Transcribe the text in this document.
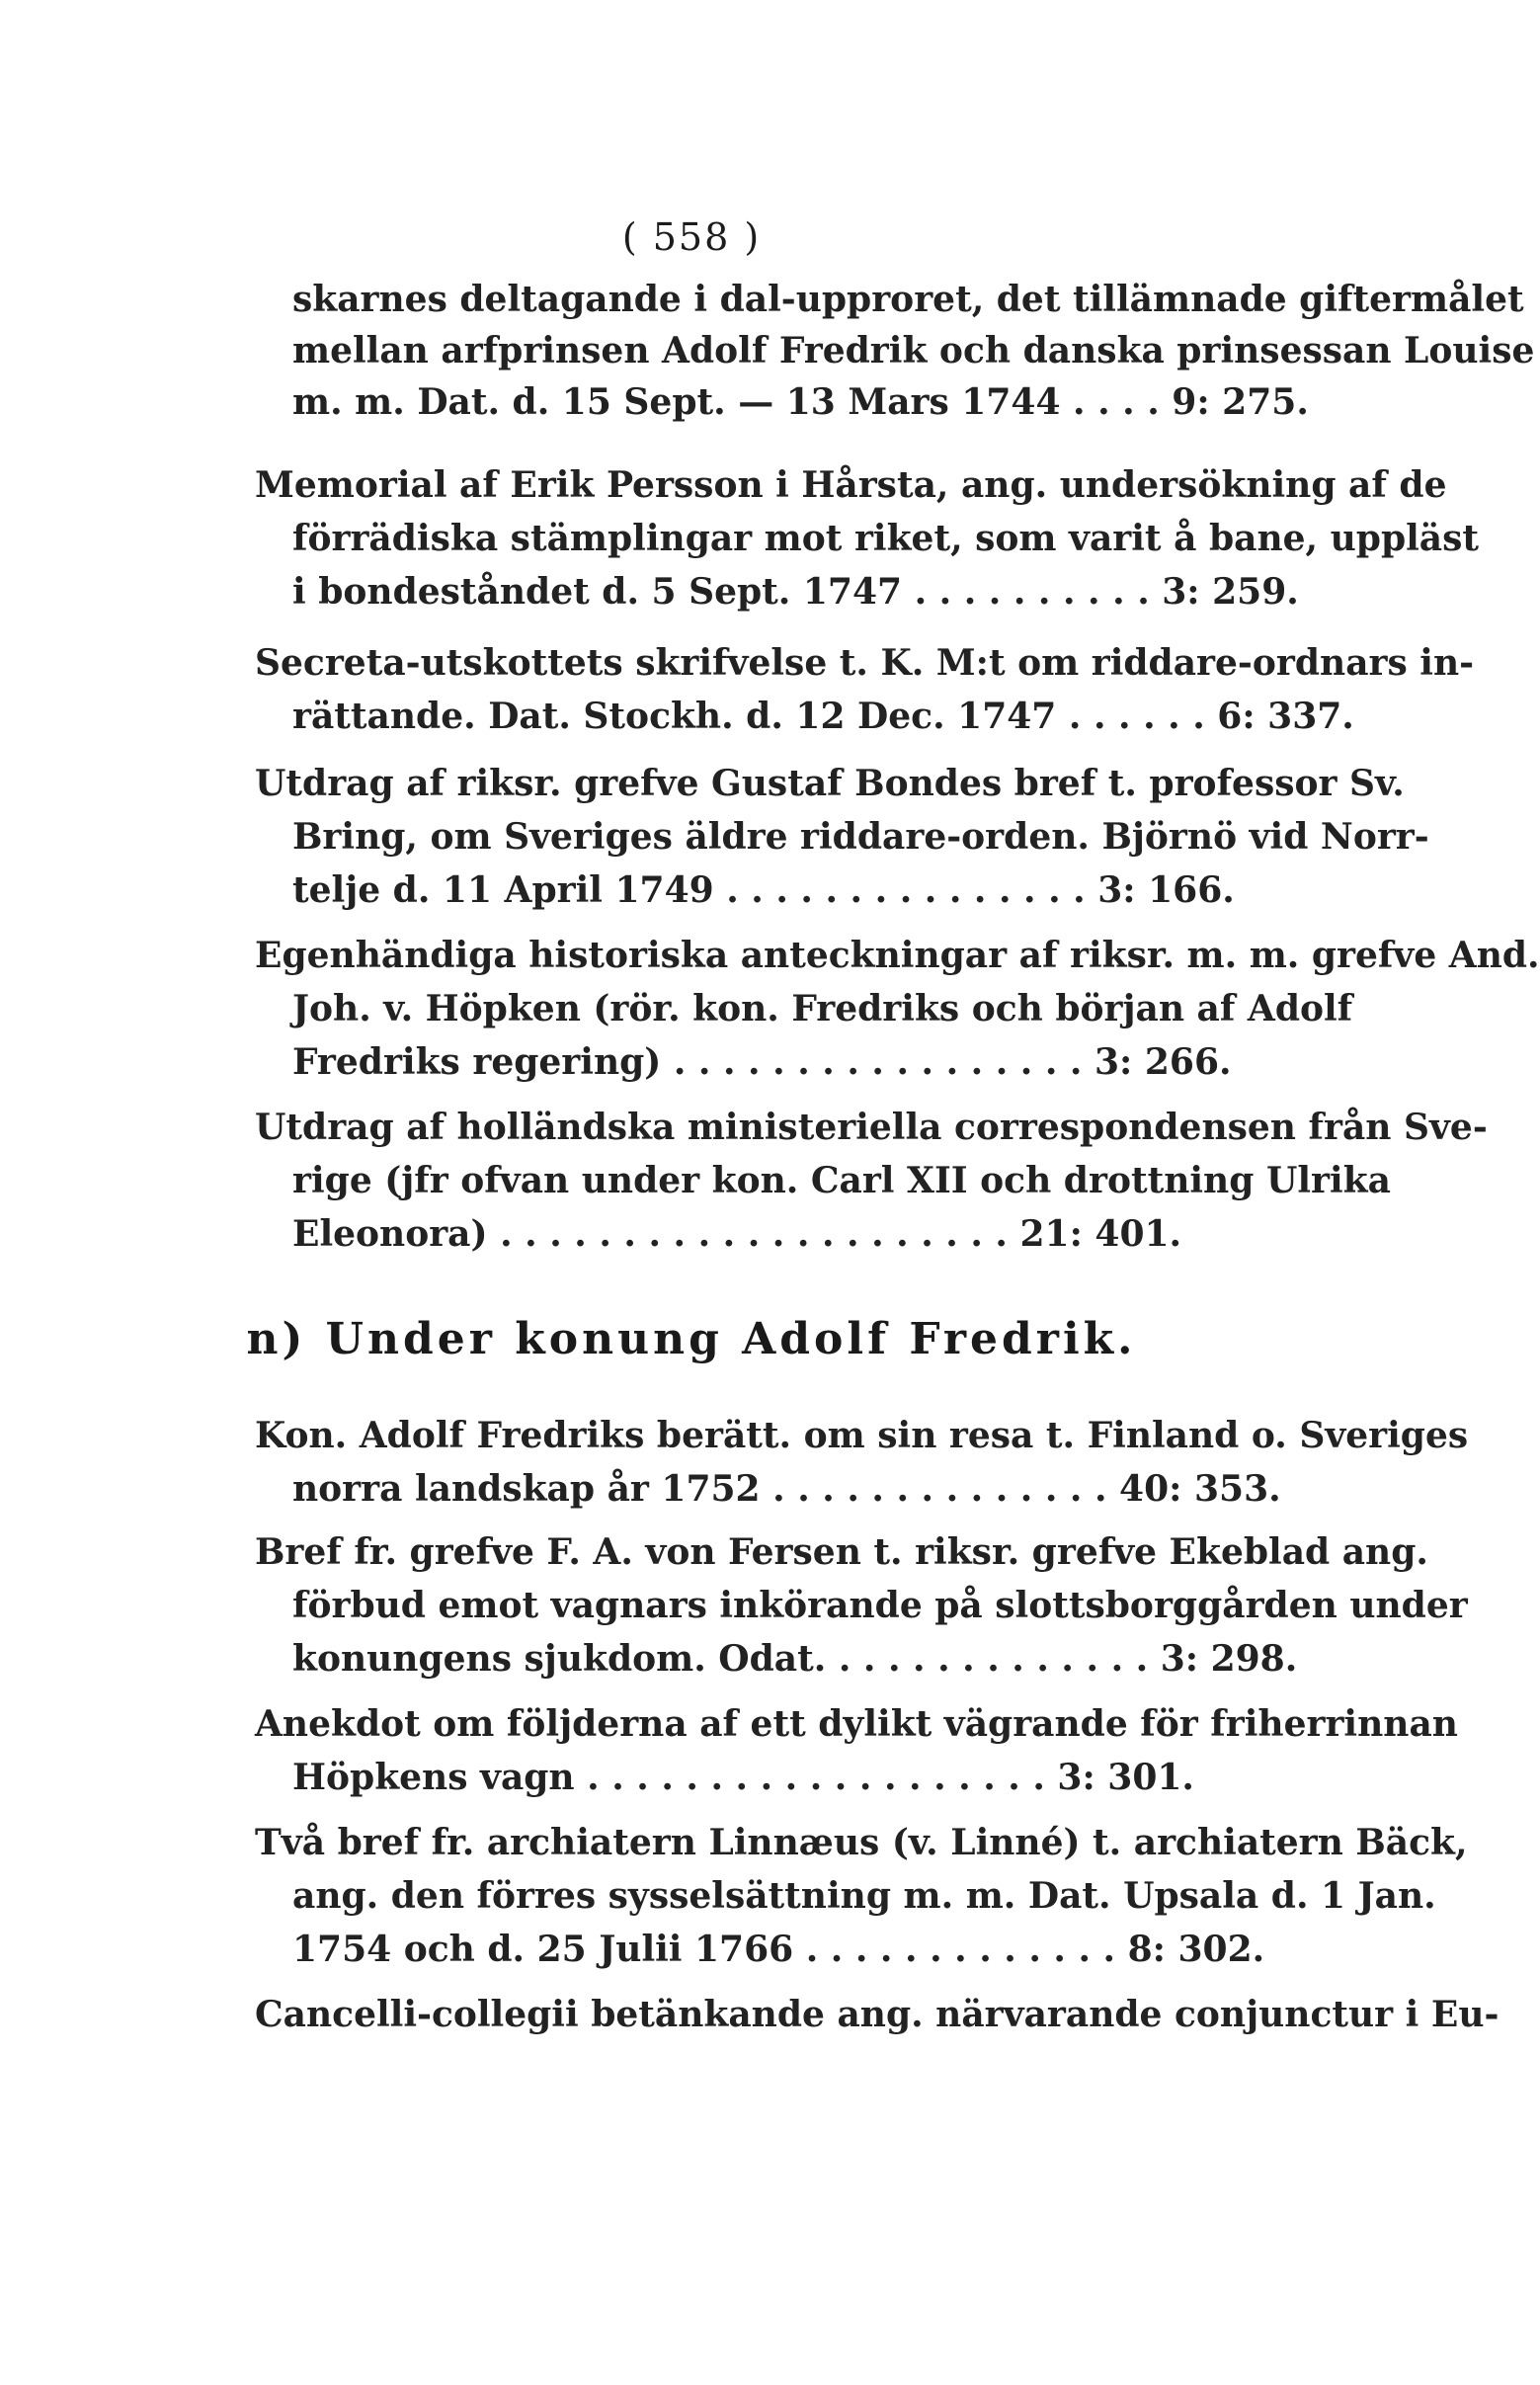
( 558 )
skarnes deltagande i dal-upproret, det tillämnade giftermålet
mellan arfprinsen Adolf Fredrik och danska prinsessan Louise
m. m. Dat. d. 15 Sept. — 13 Mars 1744 . . . . 9: 275.
Memorial af Erik Persson i Hårsta, ang. undersökning af de
förrädiska stämplingar mot riket, som varit å bane, uppläst
i bondeståndet d. 5 Sept. 1747 . . . . . . . . . . 3: 259.
Secreta-utskottets skrifvelse t. K. M:t om riddare-ordnars in-
rättande. Dat. Stockh. d. 12 Dec. 1747 . . . . . . 6: 337.
Utdrag af riksr. grefve Gustaf Bondes bref t. professor Sv.
Bring, om Sveriges äldre riddare-orden. Björnö vid Norr-
telje d. 11 April 1749 . . . . . . . . . . . . . . . 3: 166.
Egenhändiga historiska anteckningar af riksr. m. m. grefve And.
Joh. v. Höpken (rör. kon. Fredriks och början af Adolf
Fredriks regering) . . . . . . . . . . . . . . . . . 3: 266.
Utdrag af holländska ministeriella correspondensen från Sve-
rige (jfr ofvan under kon. Carl XII och drottning Ulrika
Eleonora) . . . . . . . . . . . . . . . . . . . . . 21: 401.
n) Under konung Adolf Fredrik.
Kon. Adolf Fredriks berätt. om sin resa t. Finland o. Sveriges
norra landskap år 1752 . . . . . . . . . . . . . . 40: 353.
Bref fr. grefve F. A. von Fersen t. riksr. grefve Ekeblad ang.
förbud emot vagnars inkörande på slottsborggården under
konungens sjukdom. Odat. . . . . . . . . . . . . . 3: 298.
Anekdot om följderna af ett dylikt vägrande för friherrinnan
Höpkens vagn . . . . . . . . . . . . . . . . . . . 3: 301.
Två bref fr. archiatern Linnæus (v. Linné) t. archiatern Bäck,
ang. den förres sysselsättning m. m. Dat. Upsala d. 1 Jan.
1754 och d. 25 Julii 1766 . . . . . . . . . . . . . 8: 302.
Cancelli-collegii betänkande ang. närvarande conjunctur i Eu-
